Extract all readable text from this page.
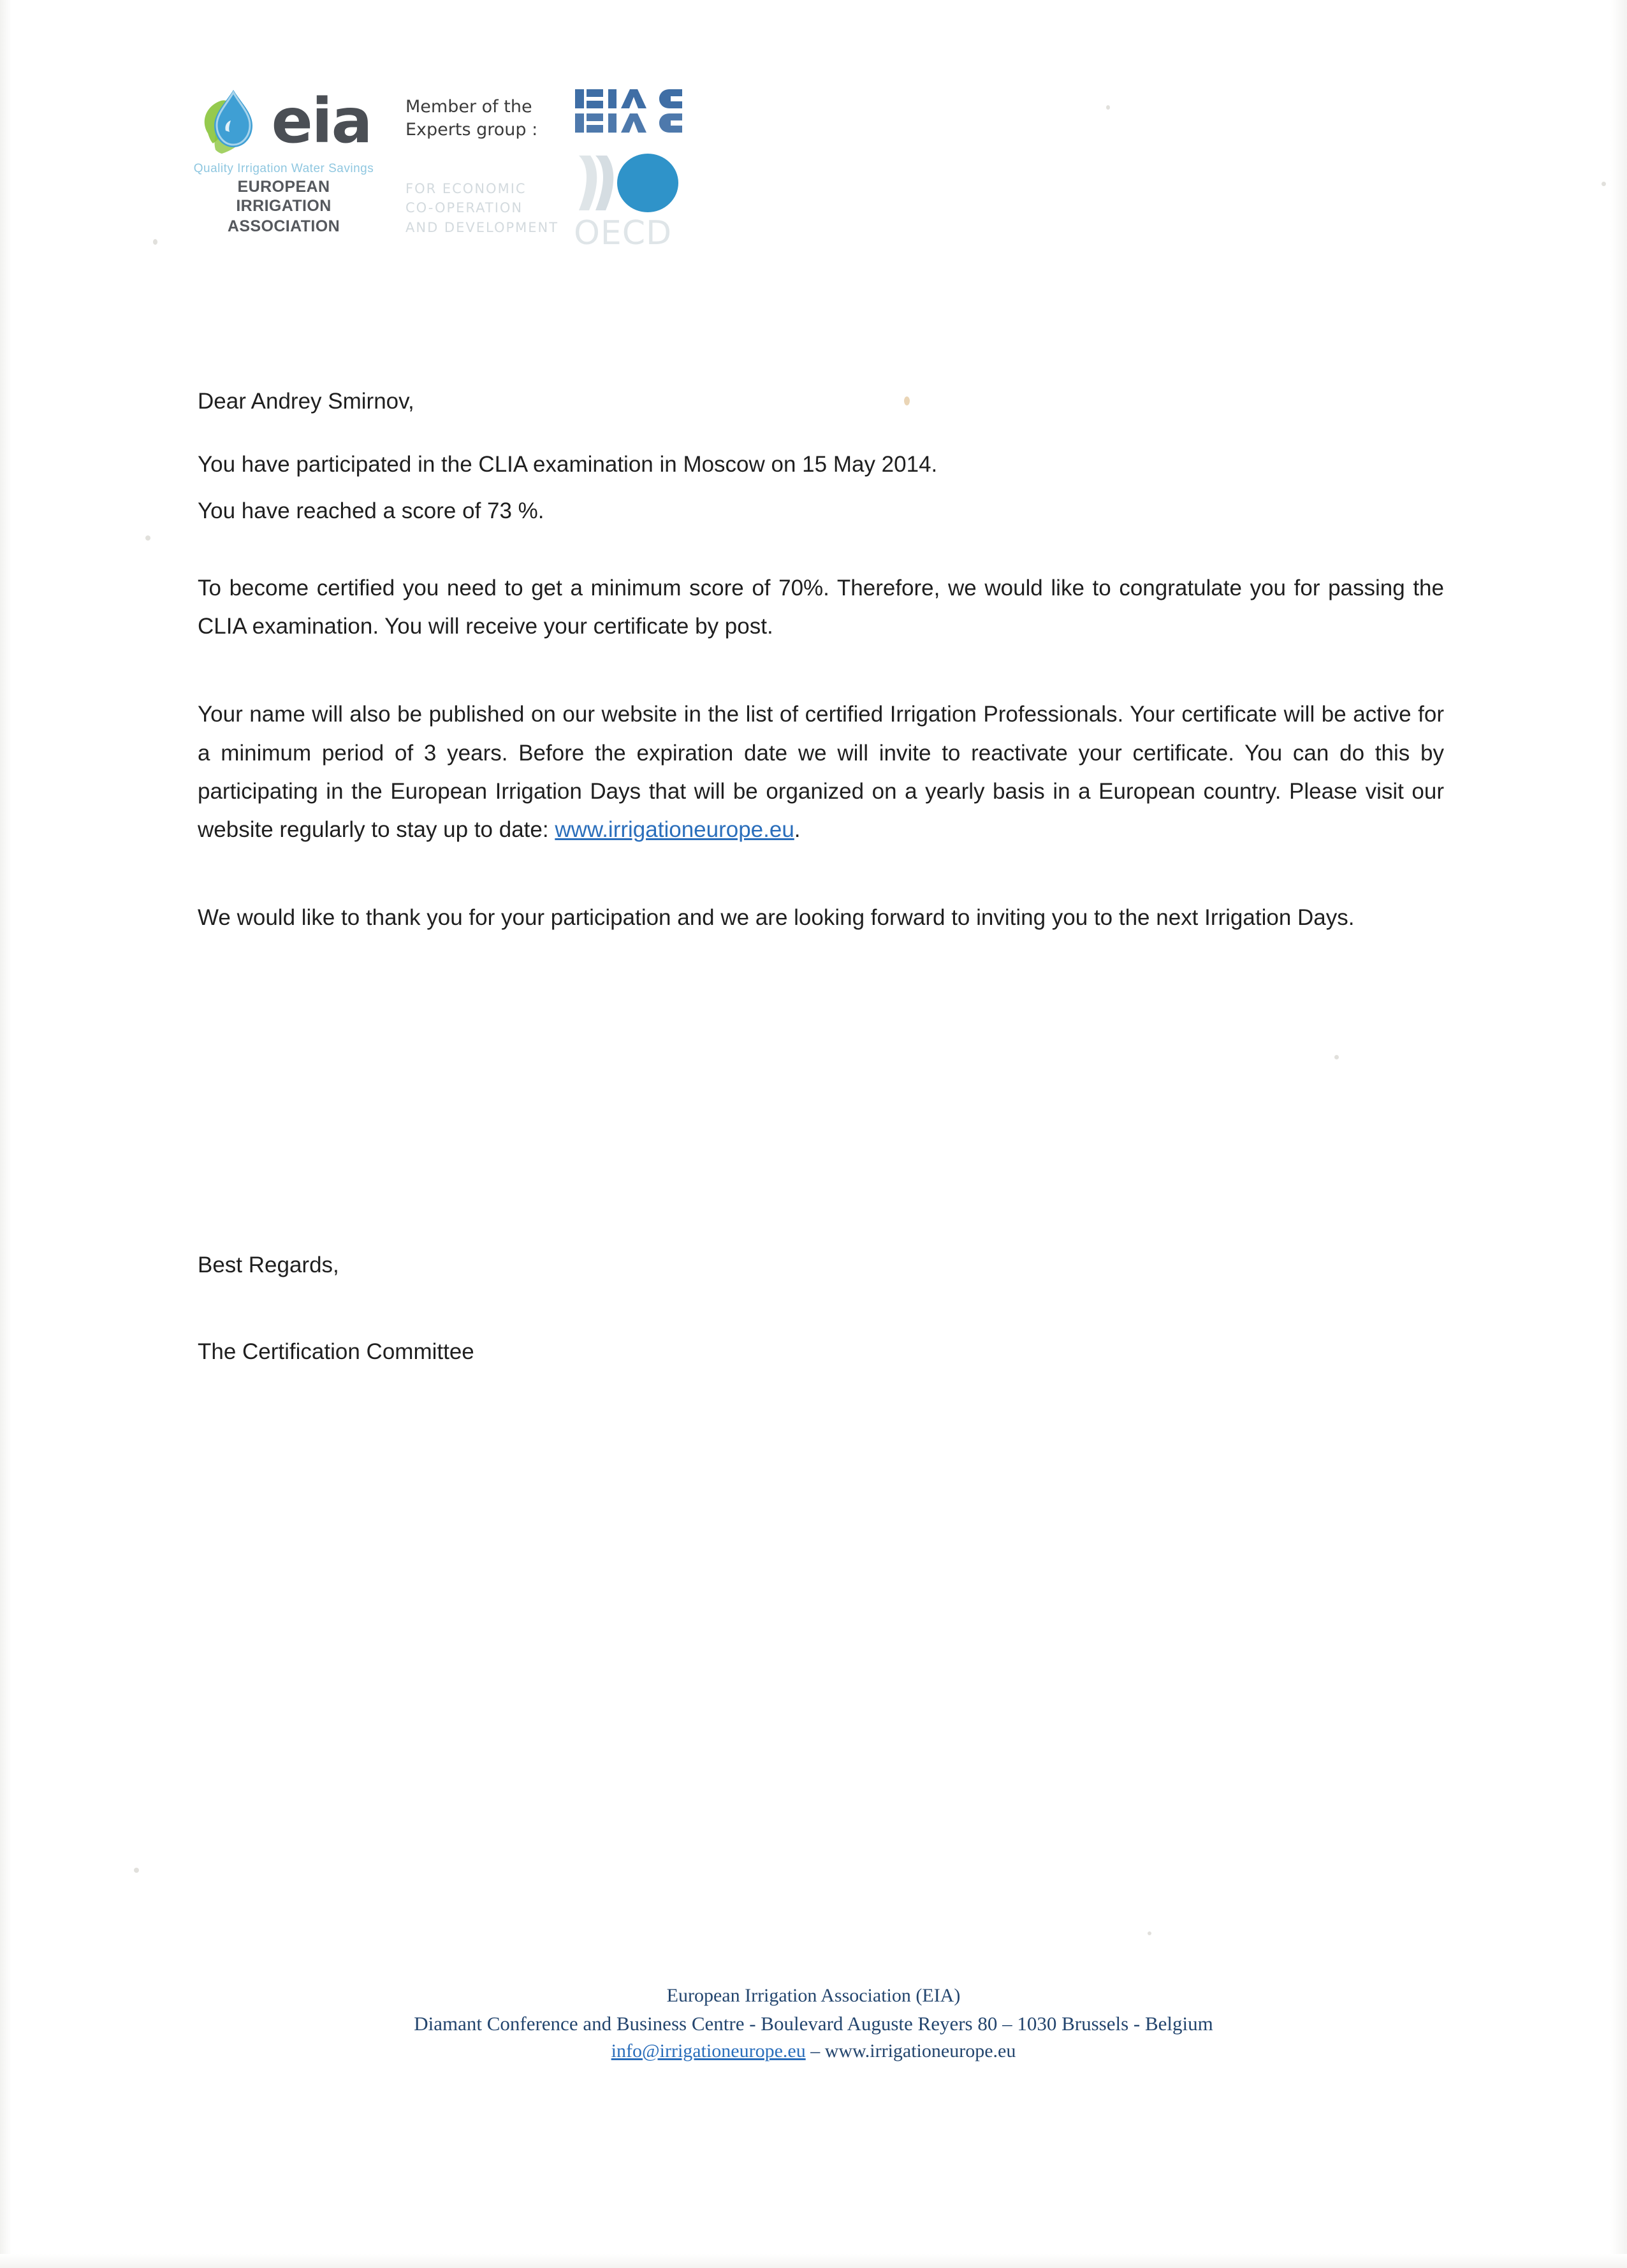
eia
Quality Irrigation Water Savings
EUROPEAN IRRIGATION
ASSOCIATION
Member of the
Experts group :
FOR ECONOMIC
CO-OPERATION
AND DEVELOPMENT OECD

Dear Andrey Smirnov,

You have participated in the CLIA examination in Moscow on 15 May 2014.

You have reached a score of 73 %.

To become certified you need to get a minimum score of 70%. Therefore, we would like to congratulate you for passing the CLIA examination. You will receive your certificate by post.

Your name will also be published on our website in the list of certified Irrigation Professionals. Your certificate will be active for a minimum period of 3 years. Before the expiration date we will invite to reactivate your certificate. You can do this by participating in the European Irrigation Days that will be organized on a yearly basis in a European country. Please visit our website regularly to stay up to date: www.irrigationeurope.eu.

We would like to thank you for your participation and we are looking forward to inviting you to the next Irrigation Days.

Best Regards,
The Certification Committee
European Irrigation Association (EIA)
Diamant Conference and Business Centre - Boulevard Auguste Reyers 80 – 1030 Brussels - Belgium
info@irrigationeurope.eu – www.irrigationeurope.eu
